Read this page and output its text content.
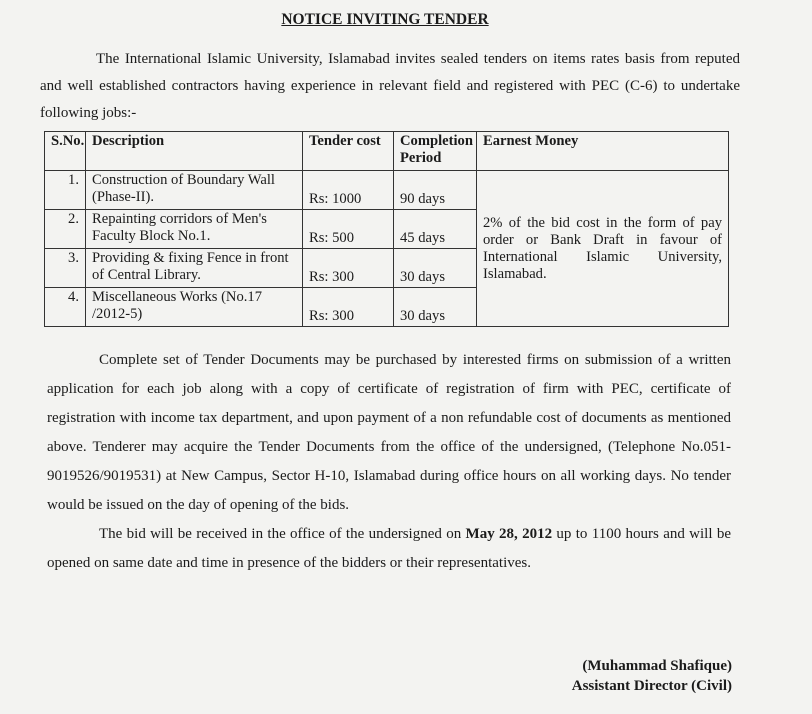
NOTICE INVITING TENDER

The International Islamic University, Islamabad invites sealed tenders on items rates basis from reputed and well established contractors having experience in relevant field and registered with PEC (C-6) to undertake following jobs:-

S.No.	Description	Tender cost	Completion Period	Earnest Money
1.	Construction of Boundary Wall (Phase-II).	Rs: 1000	90 days	2% of the bid cost in the form of pay order or Bank Draft in favour of International Islamic University, Islamabad.
2.	Repainting corridors of Men's Faculty Block No.1.	Rs: 500	45 days	
3.	Providing & fixing Fence in front of Central Library.	Rs: 300	30 days	
4.	Miscellaneous Works (No.17 /2012-5)	Rs: 300	30 days	

Complete set of Tender Documents may be purchased by interested firms on submission of a written application for each job along with a copy of certificate of registration of firm with PEC, certificate of registration with income tax department, and upon payment of a non refundable cost of documents as mentioned above. Tenderer may acquire the Tender Documents from the office of the undersigned, (Telephone No.051-9019526/9019531) at New Campus, Sector H-10, Islamabad during office hours on all working days. No tender would be issued on the day of opening of the bids.

The bid will be received in the office of the undersigned on May 28, 2012 up to 1100 hours and will be opened on same date and time in presence of the bidders or their representatives.

(Muhammad Shafique)
Assistant Director (Civil)
